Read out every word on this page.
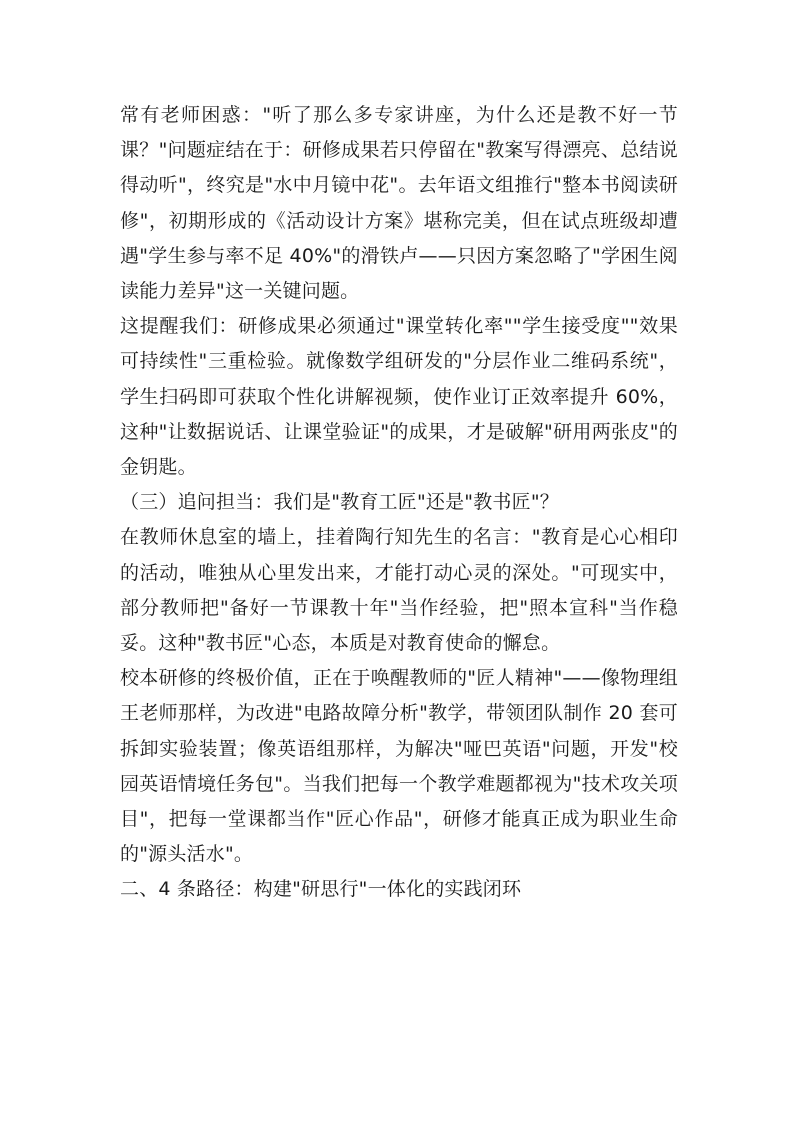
常有老师困惑："听了那么多专家讲座，为什么还是教不好一节课？"问题症结在于：研修成果若只停留在"教案写得漂亮、总结说得动听"，终究是"水中月镜中花"。去年语文组推行"整本书阅读研修"，初期形成的《活动设计方案》堪称完美，但在试点班级却遭遇"学生参与率不足 40%"的滑铁卢——只因方案忽略了"学困生阅读能力差异"这一关键问题。

这提醒我们：研修成果必须通过"课堂转化率""学生接受度""效果可持续性"三重检验。就像数学组研发的"分层作业二维码系统"，学生扫码即可获取个性化讲解视频，使作业订正效率提升 60%，这种"让数据说话、让课堂验证"的成果，才是破解"研用两张皮"的金钥匙。

（三）追问担当：我们是"教育工匠"还是"教书匠"？

在教师休息室的墙上，挂着陶行知先生的名言："教育是心心相印的活动，唯独从心里发出来，才能打动心灵的深处。"可现实中，部分教师把"备好一节课教十年"当作经验，把"照本宣科"当作稳妥。这种"教书匠"心态，本质是对教育使命的懈怠。

校本研修的终极价值，正在于唤醒教师的"匠人精神"——像物理组王老师那样，为改进"电路故障分析"教学，带领团队制作 20 套可拆卸实验装置；像英语组那样，为解决"哑巴英语"问题，开发"校园英语情境任务包"。当我们把每一个教学难题都视为"技术攻关项目"，把每一堂课都当作"匠心作品"，研修才能真正成为职业生命的"源头活水"。

二、4 条路径：构建"研思行"一体化的实践闭环
